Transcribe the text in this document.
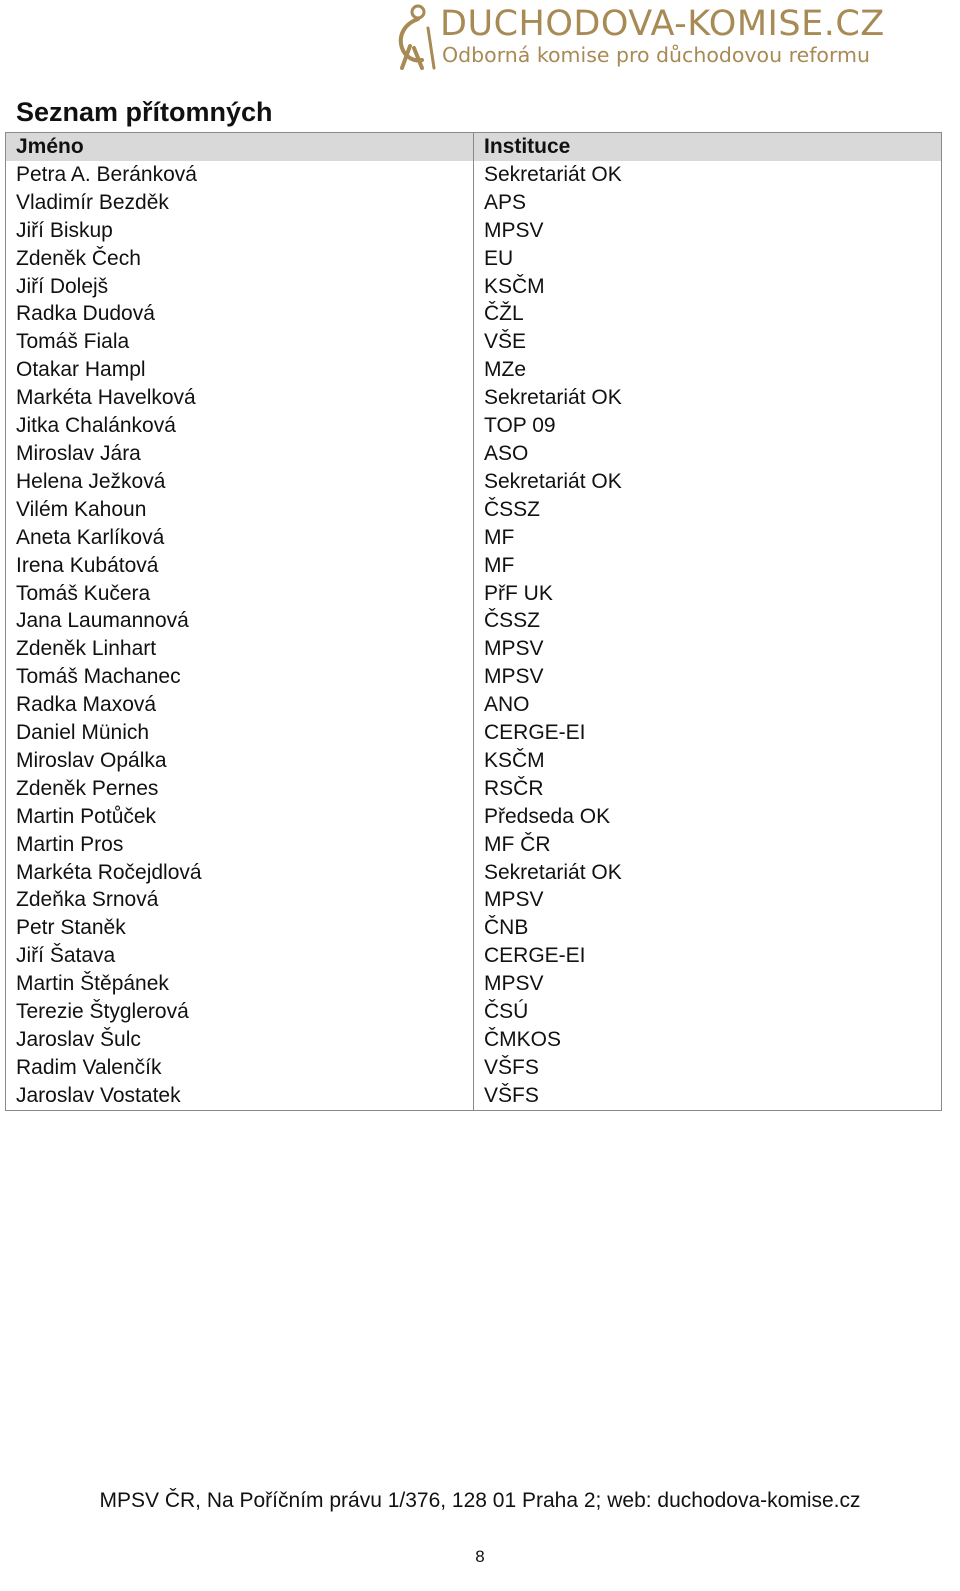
DUCHODOVA-KOMISE.CZ
Odborná komise pro důchodovou reformu
Seznam přítomných
Jméno	Instituce
Petra A. Beránková	Sekretariát OK
Vladimír Bezděk	APS
Jiří Biskup	MPSV
Zdeněk Čech	EU
Jiří Dolejš	KSČM
Radka Dudová	ČŽL
Tomáš Fiala	VŠE
Otakar Hampl	MZe
Markéta Havelková	Sekretariát OK
Jitka Chalánková	TOP 09
Miroslav Jára	ASO
Helena Ježková	Sekretariát OK
Vilém Kahoun	ČSSZ
Aneta Karlíková	MF
Irena Kubátová	MF
Tomáš Kučera	PřF UK
Jana Laumannová	ČSSZ
Zdeněk Linhart	MPSV
Tomáš Machanec	MPSV
Radka Maxová	ANO
Daniel Münich	CERGE-EI
Miroslav Opálka	KSČM
Zdeněk Pernes	RSČR
Martin Potůček	Předseda OK
Martin Pros	MF ČR
Markéta Ročejdlová	Sekretariát OK
Zdeňka Srnová	MPSV
Petr Staněk	ČNB
Jiří Šatava	CERGE-EI
Martin Štěpánek	MPSV
Terezie Štyglerová	ČSÚ
Jaroslav Šulc	ČMKOS
Radim Valenčík	VŠFS
Jaroslav Vostatek	VŠFS
MPSV ČR, Na Poříčním právu 1/376, 128 01 Praha 2; web: duchodova-komise.cz
8
